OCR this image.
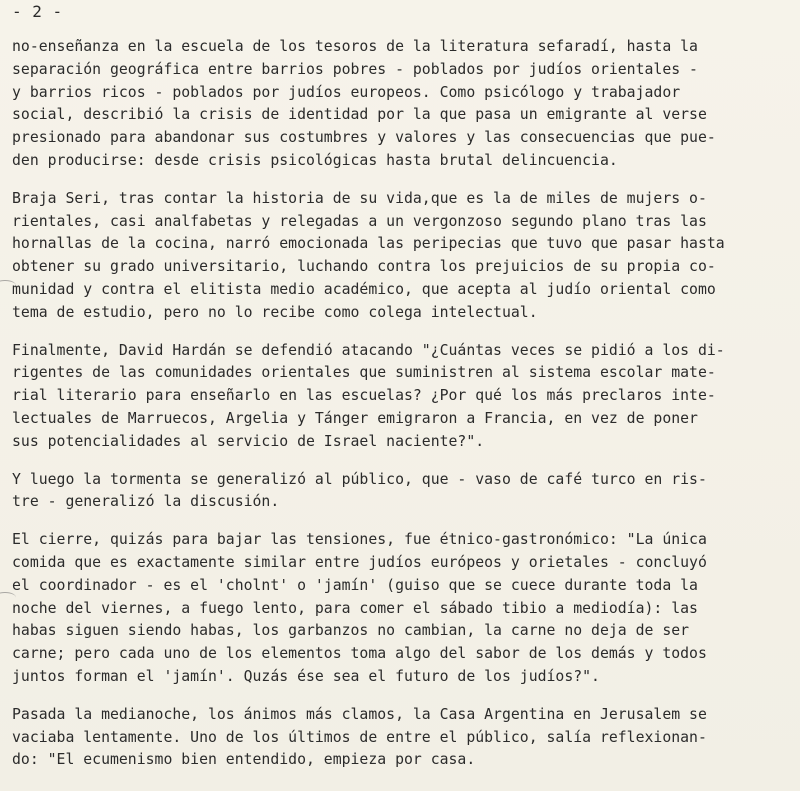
- 2 -
no-enseñanza en la escuela de los tesoros de la literatura sefaradí, hasta la
separación geográfica entre barrios pobres - poblados por judíos orientales -
y barrios ricos - poblados por judíos europeos. Como psicólogo y trabajador
social, describió la crisis de identidad por la que pasa un emigrante al verse
presionado para abandonar sus costumbres y valores y las consecuencias que pue-
den producirse: desde crisis psicológicas hasta brutal delincuencia.
Braja Seri, tras contar la historia de su vida,que es la de miles de mujers o-
rientales, casi analfabetas y relegadas a un vergonzoso segundo plano tras las
hornallas de la cocina, narró emocionada las peripecias que tuvo que pasar hasta
obtener su grado universitario, luchando contra los prejuicios de su propia co-
munidad y contra el elitista medio académico, que acepta al judío oriental como
tema de estudio, pero no lo recibe como colega intelectual.
Finalmente, David Hardán se defendió atacando "¿Cuántas veces se pidió a los di-
rigentes de las comunidades orientales que suministren al sistema escolar mate-
rial literario para enseñarlo en las escuelas? ¿Por qué los más preclaros inte-
lectuales de Marruecos, Argelia y Tánger emigraron a Francia, en vez de poner
sus potencialidades al servicio de Israel naciente?".
Y luego la tormenta se generalizó al público, que - vaso de café turco en ris-
tre - generalizó la discusión.
El cierre, quizás para bajar las tensiones, fue étnico-gastronómico: "La única
comida que es exactamente similar entre judíos európeos y orietales - concluyó
el coordinador - es el 'cholnt' o 'jamín' (guiso que se cuece durante toda la
noche del viernes, a fuego lento, para comer el sábado tibio a mediodía): las
habas siguen siendo habas, los garbanzos no cambian, la carne no deja de ser
carne; pero cada uno de los elementos toma algo del sabor de los demás y todos
juntos forman el 'jamín'. Quzás ése sea el futuro de los judíos?".
Pasada la medianoche, los ánimos más clamos, la Casa Argentina en Jerusalem se
vaciaba lentamente. Uno de los últimos de entre el público, salía reflexionan-
do: "El ecumenismo bien entendido, empieza por casa.
